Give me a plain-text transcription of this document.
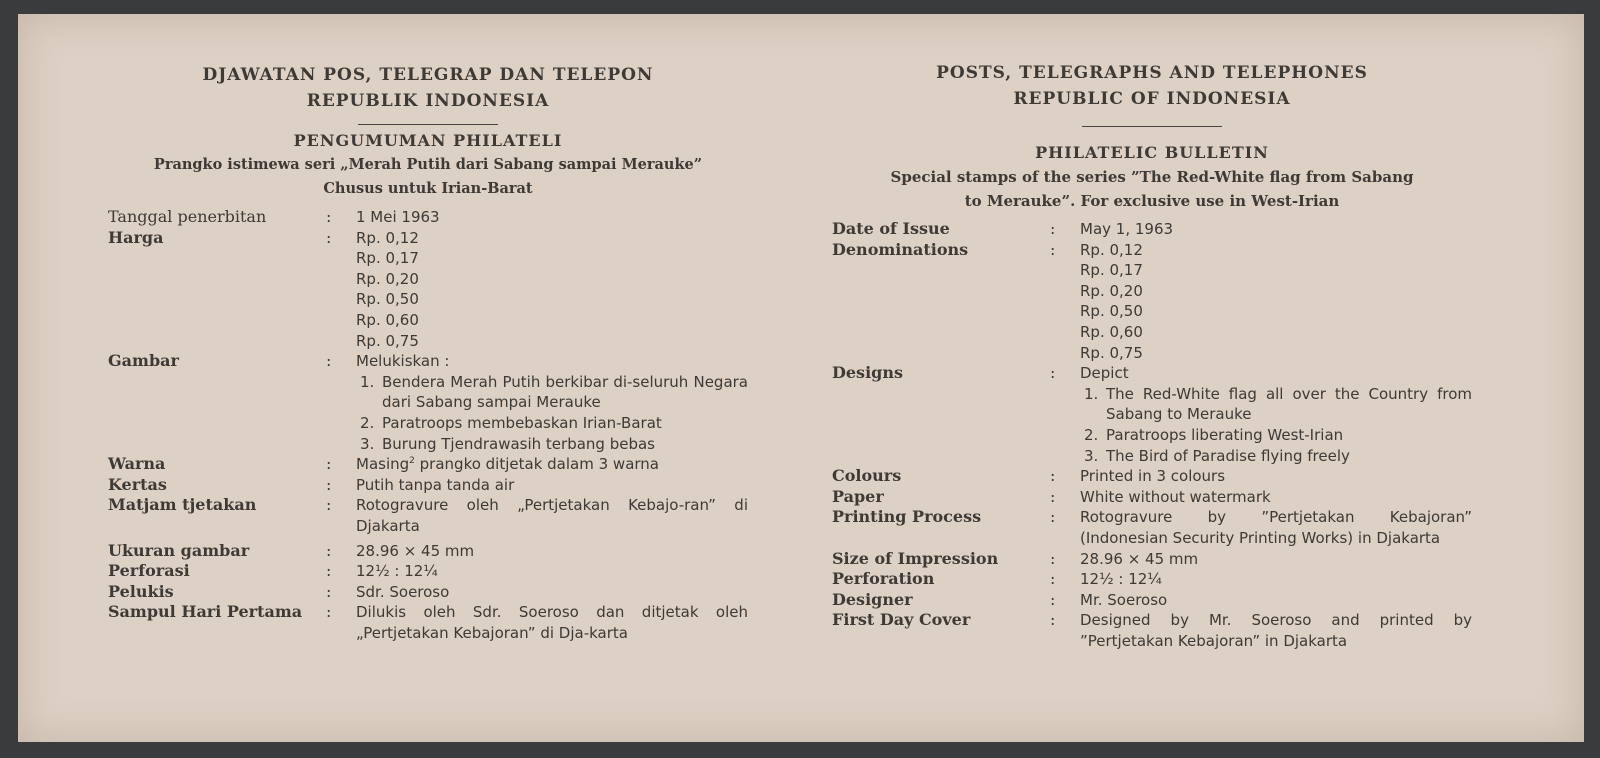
DJAWATAN POS, TELEGRAP DAN TELEPON
REPUBLIK INDONESIA
PENGUMUMAN PHILATELI
Prangko istimewa seri „Merah Putih dari Sabang sampai Merauke”
Chusus untuk Irian-Barat
Tanggal penerbitan	:	1 Mei 1963
Harga	:	Rp. 0,12
Rp. 0,17
Rp. 0,20
Rp. 0,50
Rp. 0,60
Rp. 0,75
Gambar	:	Melukiskan :
1. Bendera Merah Putih berkibar di-seluruh Negara dari Sabang sampai Merauke
2. Paratroops membebaskan Irian-Barat
3. Burung Tjendrawasih terbang bebas
Warna	:	Masing$^2$ prangko ditjetak dalam 3 warna
Kertas	:	Putih tanpa tanda air
Matjam tjetakan	:	Rotogravure oleh „Pertjetakan Kebajo-ran” di Djakarta
Ukuran gambar	:	28.96 × 45 mm
Perforasi	:	12½ : 12¼
Pelukis	:	Sdr. Soeroso
Sampul Hari Pertama	:	Dilukis oleh Sdr. Soeroso dan ditjetak oleh „Pertjetakan Kebajoran” di Dja-karta
POSTS, TELEGRAPHS AND TELEPHONES
REPUBLIC OF INDONESIA
PHILATELIC BULLETIN
Special stamps of the series ”The Red-White flag from Sabang
to Merauke”. For exclusive use in West-Irian
Date of Issue	:	May 1, 1963
Denominations	:	Rp. 0,12
Rp. 0,17
Rp. 0,20
Rp. 0,50
Rp. 0,60
Rp. 0,75
Designs	:	Depict
1. The Red-White flag all over the Country from Sabang to Merauke
2. Paratroops liberating West-Irian
3. The Bird of Paradise flying freely
Colours	:	Printed in 3 colours
Paper	:	White without watermark
Printing Process	:	Rotogravure by ”Pertjetakan Kebajoran” (Indonesian Security Printing Works) in Djakarta
Size of Impression	:	28.96 × 45 mm
Perforation	:	12½ : 12¼
Designer	:	Mr. Soeroso
First Day Cover	:	Designed by Mr. Soeroso and printed by ”Pertjetakan Kebajoran” in Djakarta
